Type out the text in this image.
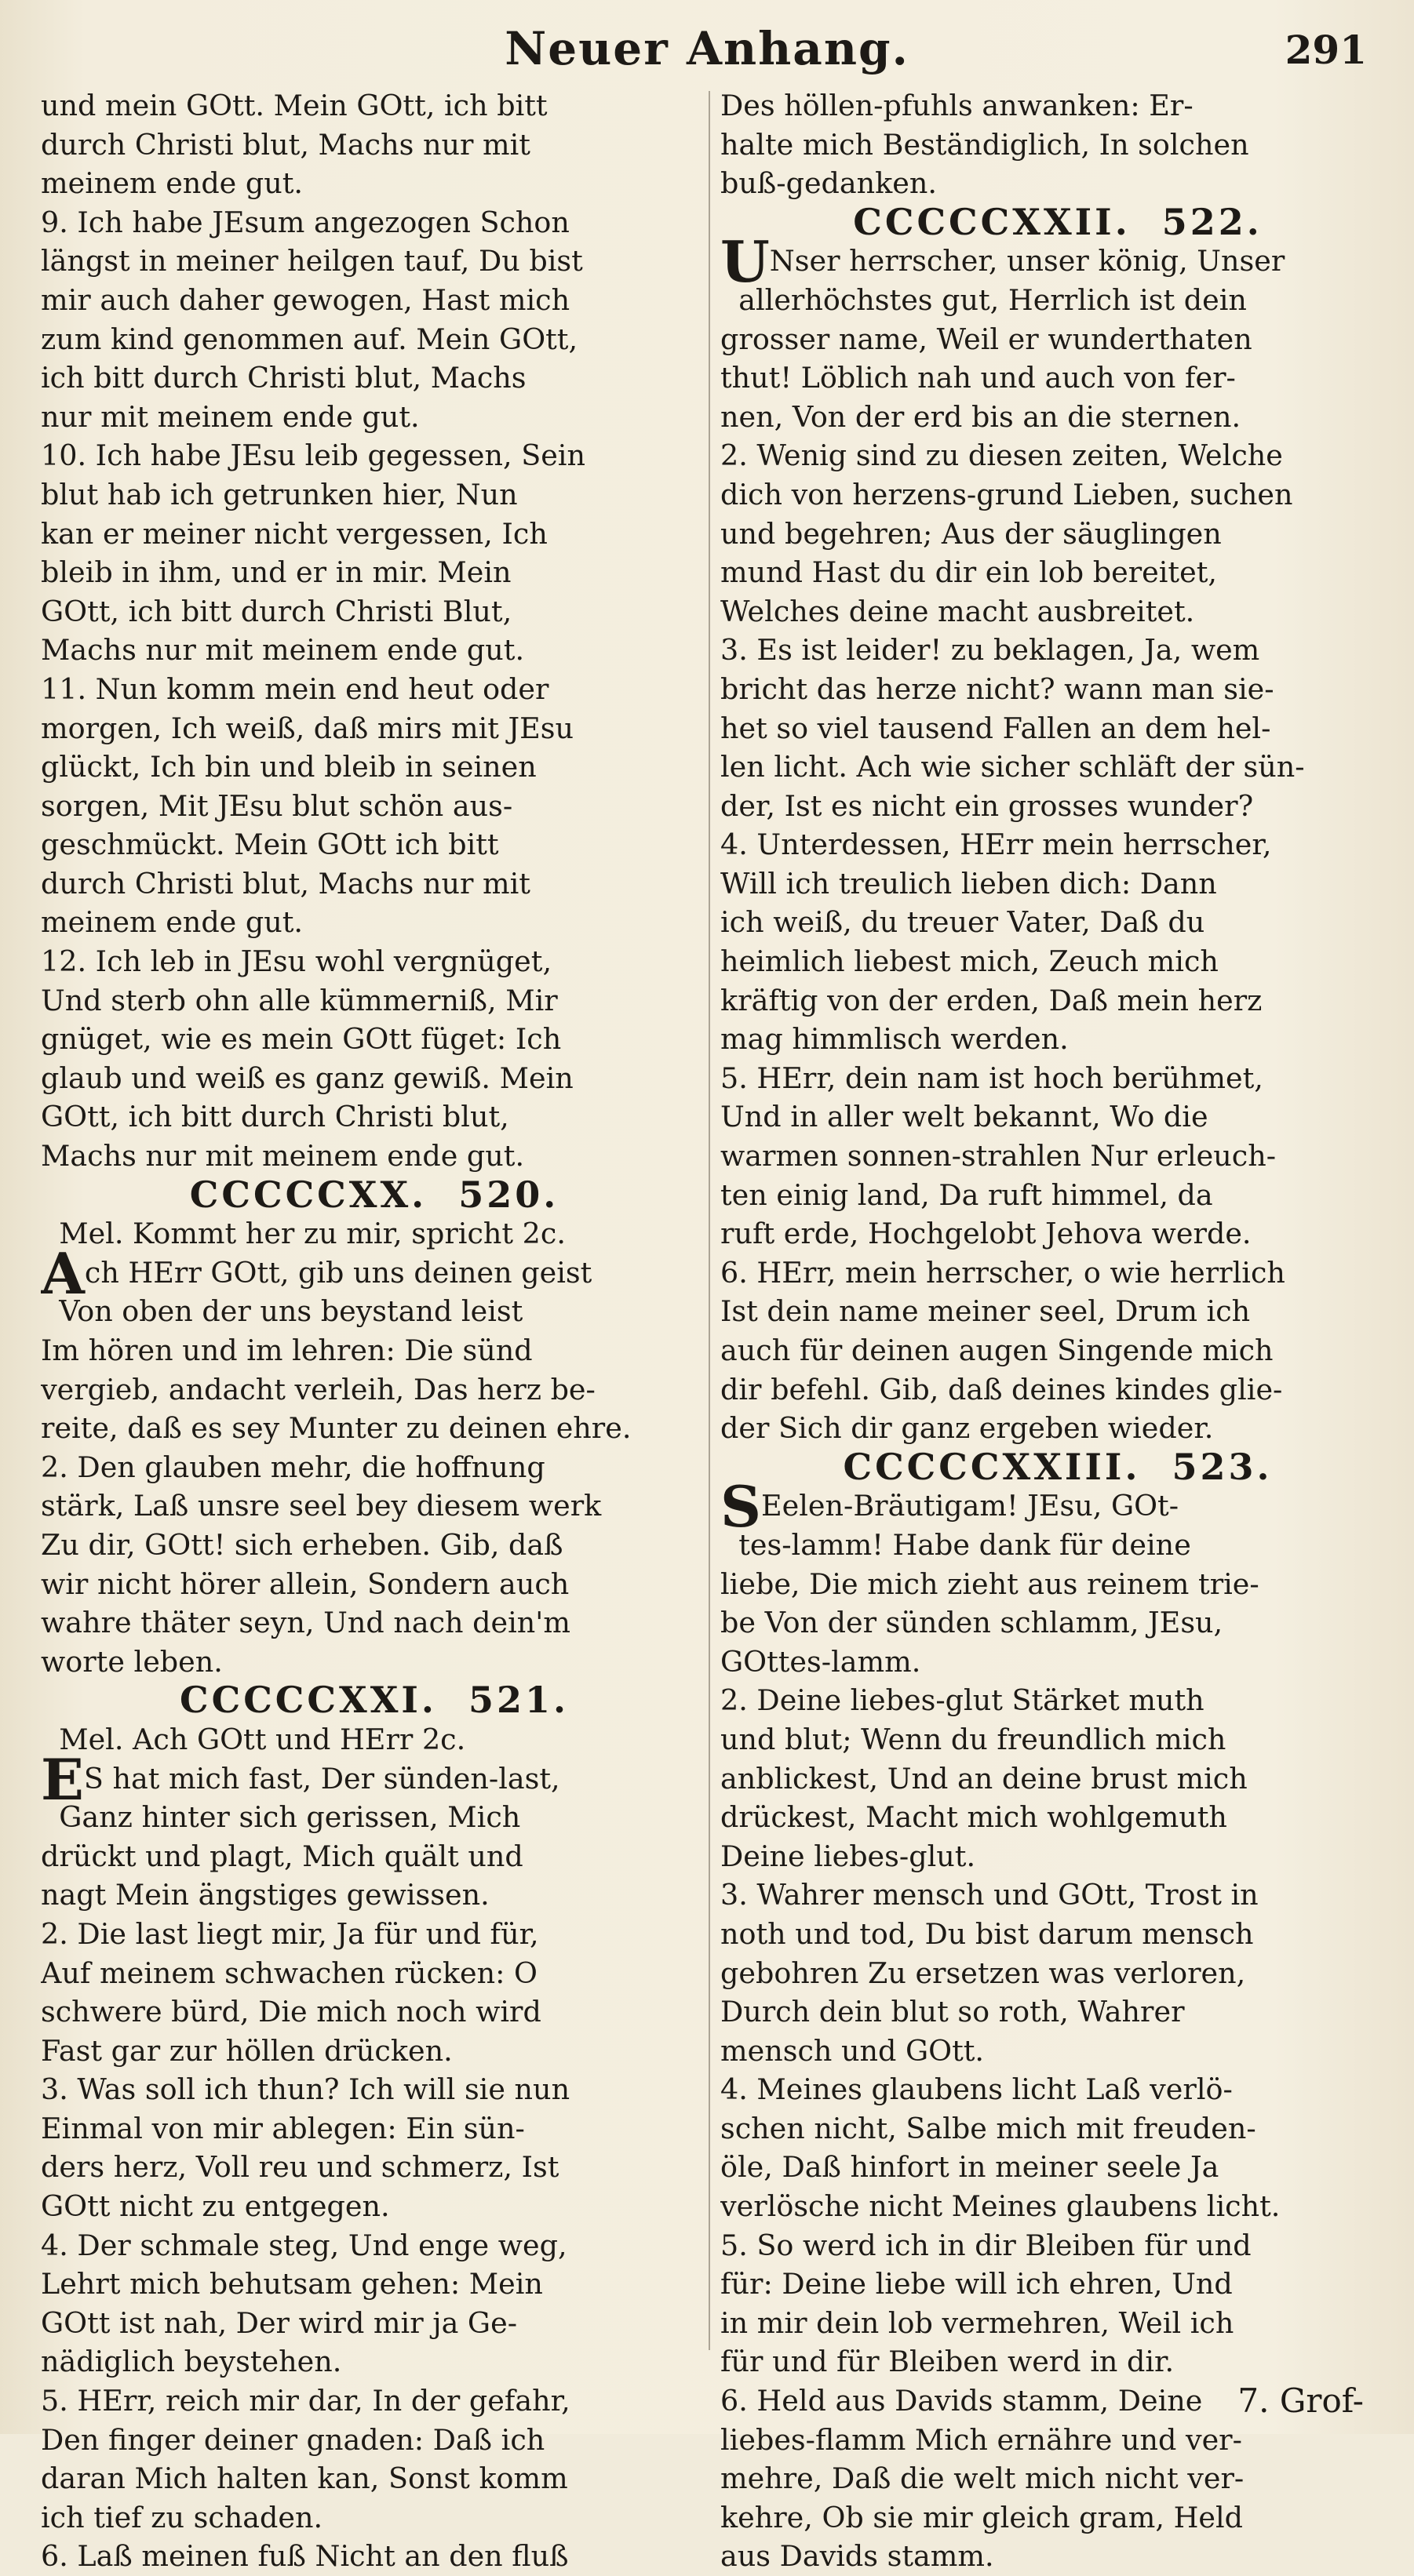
Neuer Anhang.	291
und mein GOtt. Mein GOtt, ich bitt
durch Christi blut, Machs nur mit
meinem ende gut.
9. Ich habe JEsum angezogen Schon
längst in meiner heilgen tauf, Du bist
mir auch daher gewogen, Hast mich
zum kind genommen auf. Mein GOtt,
ich bitt durch Christi blut, Machs
nur mit meinem ende gut.
10. Ich habe JEsu leib gegessen, Sein
blut hab ich getrunken hier, Nun
kan er meiner nicht vergessen, Ich
bleib in ihm, und er in mir. Mein
GOtt, ich bitt durch Christi Blut,
Machs nur mit meinem ende gut.
11. Nun komm mein end heut oder
morgen, Ich weiß, daß mirs mit JEsu
glückt, Ich bin und bleib in seinen
sorgen, Mit JEsu blut schön aus-
geschmückt. Mein GOtt ich bitt
durch Christi blut, Machs nur mit
meinem ende gut.
12. Ich leb in JEsu wohl vergnüget,
Und sterb ohn alle kümmerniß, Mir
gnüget, wie es mein GOtt füget: Ich
glaub und weiß es ganz gewiß. Mein
GOtt, ich bitt durch Christi blut,
Machs nur mit meinem ende gut.
CCCCCXX.  520.
Mel. Kommt her zu mir, spricht 2c.
Ach HErr GOtt, gib uns deinen geist
Von oben der uns beystand leist
Im hören und im lehren: Die sünd
vergieb, andacht verleih, Das herz be-
reite, daß es sey Munter zu deinen ehre.
2. Den glauben mehr, die hoffnung
stärk, Laß unsre seel bey diesem werk
Zu dir, GOtt! sich erheben. Gib, daß
wir nicht hörer allein, Sondern auch
wahre thäter seyn, Und nach dein'm
worte leben.
CCCCCXXI.  521.
Mel. Ach GOtt und HErr 2c.
ES hat mich fast, Der sünden-last,
Ganz hinter sich gerissen, Mich
drückt und plagt, Mich quält und
nagt Mein ängstiges gewissen.
2. Die last liegt mir, Ja für und für,
Auf meinem schwachen rücken: O
schwere bürd, Die mich noch wird
Fast gar zur höllen drücken.
3. Was soll ich thun? Ich will sie nun
Einmal von mir ablegen: Ein sün-
ders herz, Voll reu und schmerz, Ist
GOtt nicht zu entgegen.
4. Der schmale steg, Und enge weg,
Lehrt mich behutsam gehen: Mein
GOtt ist nah, Der wird mir ja Ge-
nädiglich beystehen.
5. HErr, reich mir dar, In der gefahr,
Den finger deiner gnaden: Daß ich
daran Mich halten kan, Sonst komm
ich tief zu schaden.
6. Laß meinen fuß Nicht an den fluß
Des höllen-pfuhls anwanken: Er-
halte mich Beständiglich, In solchen
buß-gedanken.
CCCCCXXII.  522.
UNser herrscher, unser könig, Unser
allerhöchstes gut, Herrlich ist dein
grosser name, Weil er wunderthaten
thut! Löblich nah und auch von fer-
nen, Von der erd bis an die sternen.
2. Wenig sind zu diesen zeiten, Welche
dich von herzens-grund Lieben, suchen
und begehren; Aus der säuglingen
mund Hast du dir ein lob bereitet,
Welches deine macht ausbreitet.
3. Es ist leider! zu beklagen, Ja, wem
bricht das herze nicht? wann man sie-
het so viel tausend Fallen an dem hel-
len licht. Ach wie sicher schläft der sün-
der, Ist es nicht ein grosses wunder?
4. Unterdessen, HErr mein herrscher,
Will ich treulich lieben dich: Dann
ich weiß, du treuer Vater, Daß du
heimlich liebest mich, Zeuch mich
kräftig von der erden, Daß mein herz
mag himmlisch werden.
5. HErr, dein nam ist hoch berühmet,
Und in aller welt bekannt, Wo die
warmen sonnen-strahlen Nur erleuch-
ten einig land, Da ruft himmel, da
ruft erde, Hochgelobt Jehova werde.
6. HErr, mein herrscher, o wie herrlich
Ist dein name meiner seel, Drum ich
auch für deinen augen Singende mich
dir befehl. Gib, daß deines kindes glie-
der Sich dir ganz ergeben wieder.
CCCCCXXIII.  523.
SEelen-Bräutigam! JEsu, GOt-
tes-lamm! Habe dank für deine
liebe, Die mich zieht aus reinem trie-
be Von der sünden schlamm, JEsu,
GOttes-lamm.
2. Deine liebes-glut Stärket muth
und blut; Wenn du freundlich mich
anblickest, Und an deine brust mich
drückest, Macht mich wohlgemuth
Deine liebes-glut.
3. Wahrer mensch und GOtt, Trost in
noth und tod, Du bist darum mensch
gebohren Zu ersetzen was verloren,
Durch dein blut so roth, Wahrer
mensch und GOtt.
4. Meines glaubens licht Laß verlö-
schen nicht, Salbe mich mit freuden-
öle, Daß hinfort in meiner seele Ja
verlösche nicht Meines glaubens licht.
5. So werd ich in dir Bleiben für und
für: Deine liebe will ich ehren, Und
in mir dein lob vermehren, Weil ich
für und für Bleiben werd in dir.
6. Held aus Davids stamm, Deine
liebes-flamm Mich ernähre und ver-
mehre, Daß die welt mich nicht ver-
kehre, Ob sie mir gleich gram, Held
aus Davids stamm.
7. Grof-
